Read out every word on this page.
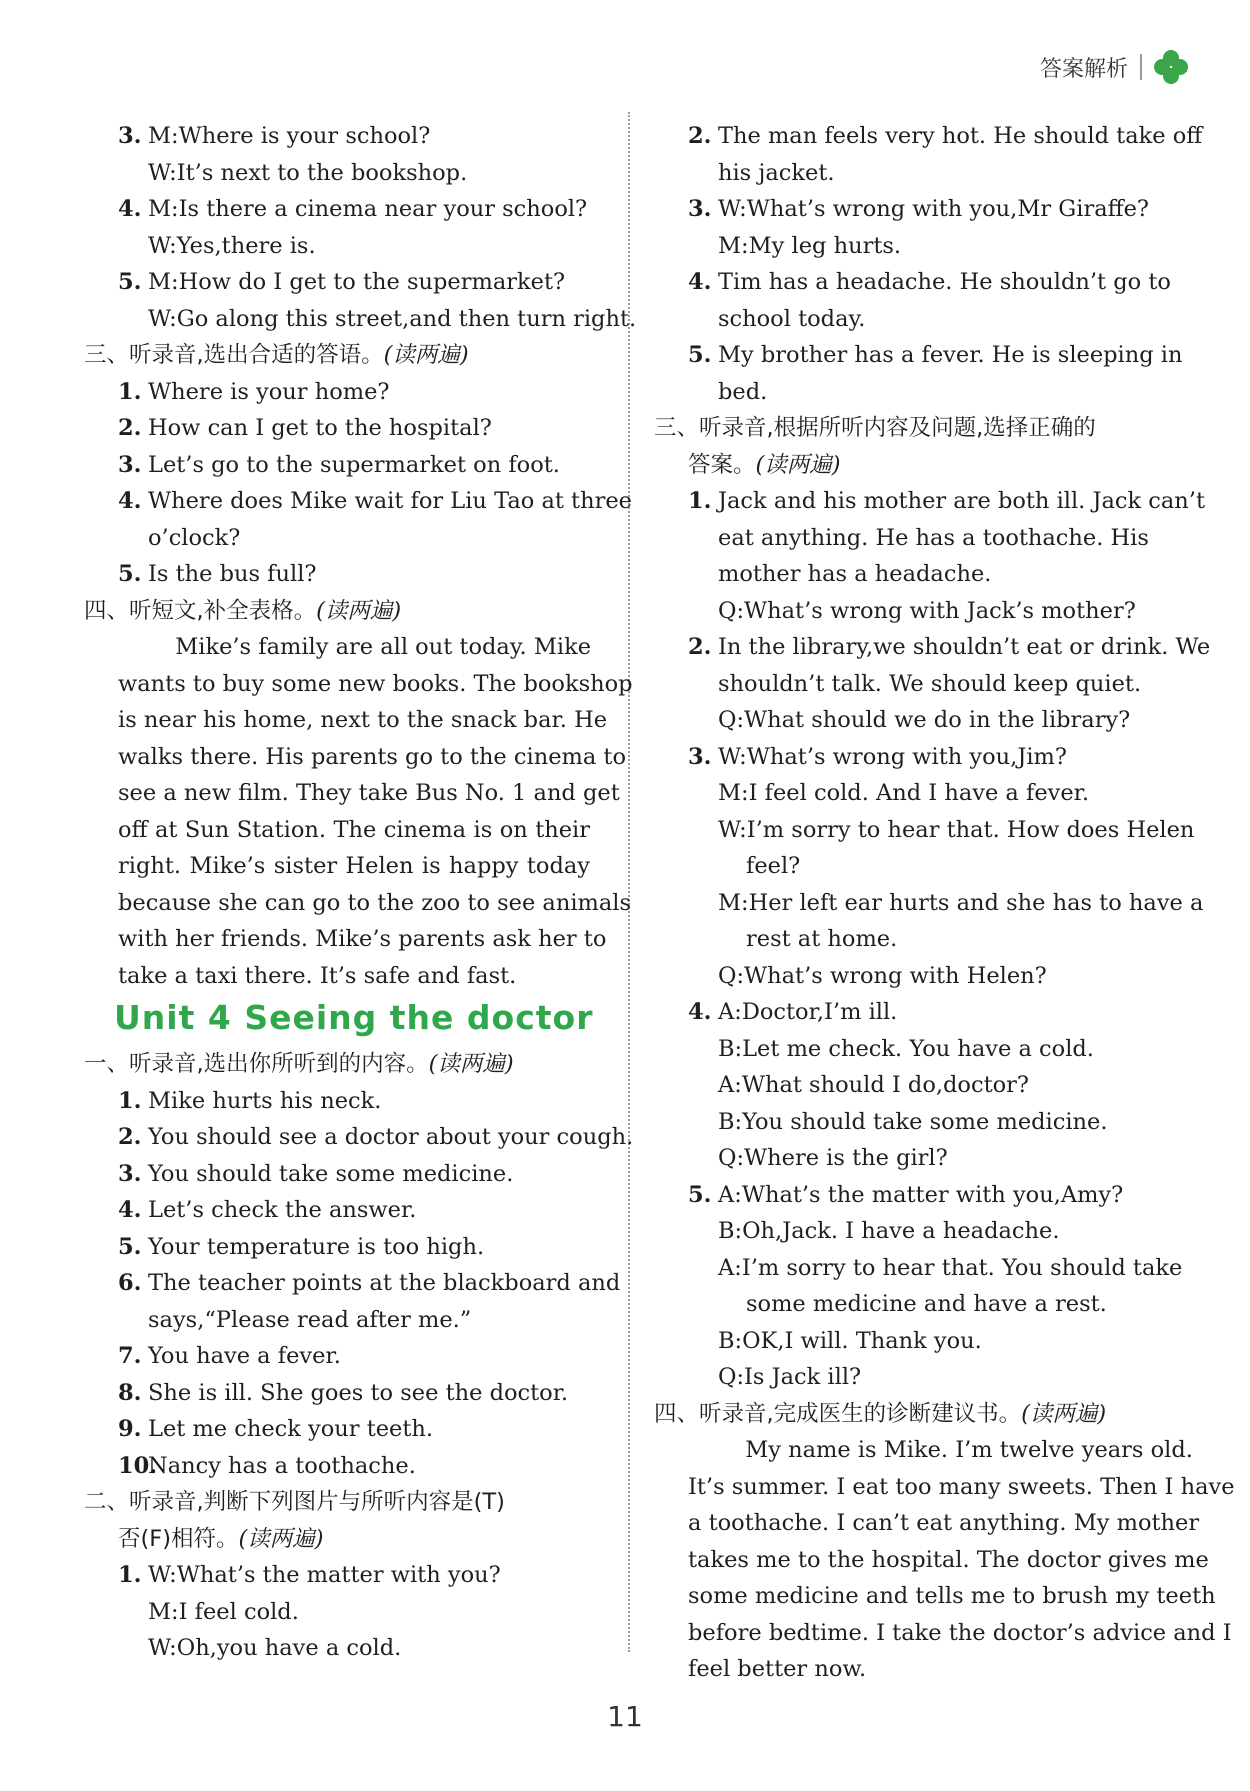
答案解析
3. M:Where is your school?
W:It’s next to the bookshop.
4. M:Is there a cinema near your school?
W:Yes,there is.
5. M:How do I get to the supermarket?
W:Go along this street,and then turn right.
三、听录音,选出合适的答语。(读两遍)
1. Where is your home?
2. How can I get to the hospital?
3. Let’s go to the supermarket on foot.
4. Where does Mike wait for Liu Tao at three
o’clock?
5. Is the bus full?
四、听短文,补全表格。(读两遍)
Mike’s family are all out today. Mike
wants to buy some new books. The bookshop
is near his home, next to the snack bar. He
walks there. His parents go to the cinema to
see a new film. They take Bus No. 1 and get
off at Sun Station. The cinema is on their
right. Mike’s sister Helen is happy today
because she can go to the zoo to see animals
with her friends. Mike’s parents ask her to
take a taxi there. It’s safe and fast.
Unit 4 Seeing the doctor
一、听录音,选出你所听到的内容。(读两遍)
1. Mike hurts his neck.
2. You should see a doctor about your cough.
3. You should take some medicine.
4. Let’s check the answer.
5. Your temperature is too high.
6. The teacher points at the blackboard and
says,“Please read after me.”
7. You have a fever.
8. She is ill. She goes to see the doctor.
9. Let me check your teeth.
10.Nancy has a toothache.
二、听录音,判断下列图片与所听内容是(T)
否(F)相符。(读两遍)
1. W:What’s the matter with you?
M:I feel cold.
W:Oh,you have a cold.
2. The man feels very hot. He should take off
his jacket.
3. W:What’s wrong with you,Mr Giraffe?
M:My leg hurts.
4. Tim has a headache. He shouldn’t go to
school today.
5. My brother has a fever. He is sleeping in
bed.
三、听录音,根据所听内容及问题,选择正确的
答案。(读两遍)
1. Jack and his mother are both ill. Jack can’t
eat anything. He has a toothache. His
mother has a headache.
Q:What’s wrong with Jack’s mother?
2. In the library,we shouldn’t eat or drink. We
shouldn’t talk. We should keep quiet.
Q:What should we do in the library?
3. W:What’s wrong with you,Jim?
M:I feel cold. And I have a fever.
W:I’m sorry to hear that. How does Helen
feel?
M:Her left ear hurts and she has to have a
rest at home.
Q:What’s wrong with Helen?
4. A:Doctor,I’m ill.
B:Let me check. You have a cold.
A:What should I do,doctor?
B:You should take some medicine.
Q:Where is the girl?
5. A:What’s the matter with you,Amy?
B:Oh,Jack. I have a headache.
A:I’m sorry to hear that. You should take
some medicine and have a rest.
B:OK,I will. Thank you.
Q:Is Jack ill?
四、听录音,完成医生的诊断建议书。(读两遍)
My name is Mike. I’m twelve years old.
It’s summer. I eat too many sweets. Then I have
a toothache. I can’t eat anything. My mother
takes me to the hospital. The doctor gives me
some medicine and tells me to brush my teeth
before bedtime. I take the doctor’s advice and I
feel better now.
11
